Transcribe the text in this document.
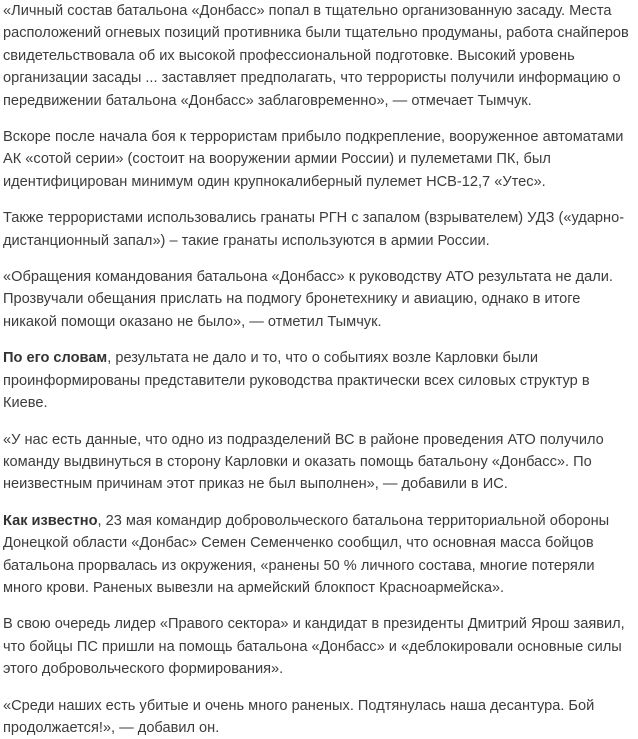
«Личный состав батальона «Донбасс» попал в тщательно организованную засаду. Места расположений огневых позиций противника были тщательно продуманы, работа снайперов свидетельствовала об их высокой профессиональной подготовке. Высокий уровень организации засады ... заставляет предполагать, что террористы получили информацию о передвижении батальона «Донбасс» заблаговременно», — отмечает Тымчук.

Вскоре после начала боя к террористам прибыло подкрепление, вооруженное автоматами АК «сотой серии» (состоит на вооружении армии России) и пулеметами ПК, был идентифицирован минимум один крупнокалиберный пулемет НСВ-12,7 «Утес».

Также террористами использовались гранаты РГН с запалом (взрывателем) УДЗ («ударно-дистанционный запал») – такие гранаты используются в армии России.

«Обращения командования батальона «Донбасс» к руководству АТО результата не дали. Прозвучали обещания прислать на подмогу бронетехнику и авиацию, однако в итоге никакой помощи оказано не было», — отметил Тымчук.

По его словам, результата не дало и то, что о событиях возле Карловки были проинформированы представители руководства практически всех силовых структур в Киеве.

«У нас есть данные, что одно из подразделений ВС в районе проведения АТО получило команду выдвинуться в сторону Карловки и оказать помощь батальону «Донбасс». По неизвестным причинам этот приказ не был выполнен», — добавили в ИС.

Как известно, 23 мая командир добровольческого батальона территориальной обороны Донецкой области «Донбас» Семен Семенченко сообщил, что основная масса бойцов батальона прорвалась из окружения, «ранены 50 % личного состава, многие потеряли много крови. Раненых вывезли на армейский блокпост Красноармейска».

В свою очередь лидер «Правого сектора» и кандидат в президенты Дмитрий Ярош заявил, что бойцы ПС пришли на помощь батальона «Донбасс» и «деблокировали основные силы этого добровольческого формирования».

«Среди наших есть убитые и очень много раненых. Подтянулась наша десантура. Бой продолжается!», — добавил он.
